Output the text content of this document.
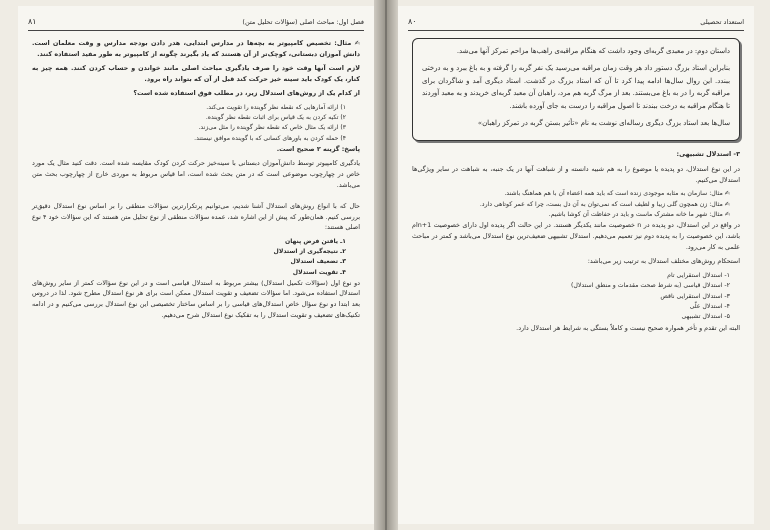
فصل اول: مباحث اصلی (سؤالات تحلیل متن)
۸۱
✍ مثال: تخصیص کامپیوتر به بچه‌ها در مدارس ابتدایی، هدر دادن بودجه مدارس و وقت معلمان است. دانش آموزان دبستانی، کوچک‌تر از آن هستند که یاد بگیرند چگونه از کامپیوتر به طور مفید استفاده کنند.
لازم است آنها وقت خود را صرف یادگیری مباحث اصلی مانند خواندن و حساب کردن کنند. همه چیز به کنار، یک کودک باید سینه خیز حرکت کند قبل از آن که بتواند راه برود.
از کدام یک از روش‌های استدلال زیر، در مطلب فوق استفاده شده است؟
۱) ارائه آمارهایی که نقطه نظر گوینده را تقویت می‌کند.
۲) تکیه کردن به یک قیاس برای اثبات نقطه نظر گوینده.
۳) ارائه یک مثال خاص که نقطه نظر گوینده را مثل می‌زند.
۴) حمله کردن به باورهای کسانی که با گوینده موافق نیستند.
پاسخ: گزینه ۲ صحیح است.
یادگیری کامپیوتر توسط دانش‌آموزان دبستانی با سینه‌خیز حرکت کردن کودک مقایسه شده است. دقت کنید مثال یک مورد خاص در چهارچوب موضوعی است که در متن بحث شده است، اما قیاس مربوط به موردی خارج از چهارچوب بحث متن می‌باشد.
حال که با انواع روش‌های استدلال آشنا شدیم، می‌توانیم پرتکرارترین سؤالات منطقی را بر اساس نوع استدلال دقیق‌تر بررسی کنیم. همان‌طور که پیش از این اشاره شد، عمده سؤالات منطقی از نوع تحلیل متن هستند که این سؤالات خود ۴ نوع اصلی هستند:
۱ـ یافتن فرض پنهان
۲ـ نتیجه‌گیری از استدلال
۳ـ تضعیف استدلال
۴ـ تقویت استدلال
دو نوع اول (سؤالات تکمیل استدلال) بیشتر مربوط به استدلال قیاسی است و در این نوع سؤالات کمتر از سایر روش‌های استدلال استفاده می‌شود. اما سؤالات تضعیف و تقویت استدلال ممکن است برای هر نوع استدلال مطرح شود. لذا در دروس بعد ابتدا دو نوع سؤال خاص استدلال‌های قیاسی را بر اساس ساختار تخصیصی این نوع استدلال بررسی می‌کنیم و در ادامه تکنیک‌های تضعیف و تقویت استدلال را به تفکیک نوع استدلال شرح می‌دهیم.
استعداد تحصیلی
۸۰
داستان دوم: در معبدی گربه‌ای وجود داشت که هنگام مراقبه‌ی راهب‌ها مزاحم تمرکز آنها می‌شد.
بنابراین استاد بزرگ دستور داد هر وقت زمان مراقبه می‌رسید یک نفر گربه را گرفته و به باغ ببرد و به درختی ببندد. این روال سال‌ها ادامه پیدا کرد تا آن که استاد بزرگ در گذشت. استاد دیگری آمد و شاگردان برای مراقبه گربه را در به باغ می‌بستند. بعد از مرگ گربه هم مرد، راهبان آن معبد گربه‌ای خریدند و به معبد آوردند تا هنگام مراقبه به درخت ببندند تا اصول مراقبه را درست به جای آورده باشند.
سال‌ها بعد استاد بزرگ دیگری رساله‌ای نوشت به نام «تأثیر بستن گربه در تمرکز راهبان»
۳- استدلال تشبیهی:
در این نوع استدلال، دو پدیده یا موضوع را به هم شبیه دانسته و از شباهت آنها در یک جنبه، به شباهت در سایر ویژگی‌ها استدلال می‌کنیم.
✍ مثال: سازمان به مثابه موجودی زنده است که باید همه اعضاء آن با هم هماهنگ باشند.
✍ مثال: زن همچون گلی زیبا و لطیف است که نمی‌توان به آن دل بست، چرا که عمر کوتاهی دارد.
✍ مثال: شهر ما خانه مشترک ماست و باید در حفاظت آن کوشا باشیم.
در واقع در این استدلال، دو پدیده در n خصوصیت مانند یکدیگر هستند. در این حالت اگر پدیده اول دارای خصوصیت n+1ام باشد، این خصوصیت را به پدیده دوم نیز تعمیم می‌دهیم. استدلال تشبیهی ضعیف‌ترین نوع استدلال می‌باشد و کمتر در مباحث علمی به کار می‌رود.
استحکام روش‌های مختلف استدلال به ترتیب زیر می‌باشد:
۱- استدلال استقرایی تام
۲- استدلال قیاسی (به شرط صحت مقدمات و منطق استدلال)
۳- استدلال استقرایی ناقص
۴- استدلال علّی
۵- استدلال تشبیهی
البته این تقدم و تأخر همواره صحیح نیست و کاملاً بستگی به شرایط هر استدلال دارد.
